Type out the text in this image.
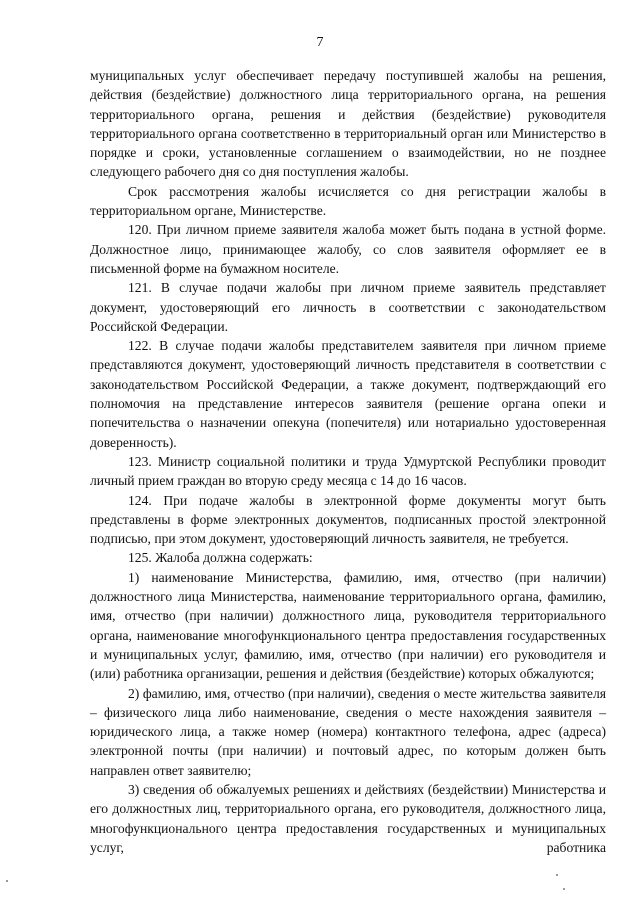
7

муниципальных услуг обеспечивает передачу поступившей жалобы на решения, действия (бездействие) должностного лица территориального органа, на решения территориального органа, решения и действия (бездействие) руководителя территориального органа соответственно в территориальный орган или Министерство в порядке и сроки, установленные соглашением о взаимодействии, но не позднее следующего рабочего дня со дня поступления жалобы.

Срок рассмотрения жалобы исчисляется со дня регистрации жалобы в территориальном органе, Министерстве.

120. При личном приеме заявителя жалоба может быть подана в устной форме. Должностное лицо, принимающее жалобу, со слов заявителя оформляет ее в письменной форме на бумажном носителе.

121. В случае подачи жалобы при личном приеме заявитель представляет документ, удостоверяющий его личность в соответствии с законодательством Российской Федерации.

122. В случае подачи жалобы представителем заявителя при личном приеме представляются документ, удостоверяющий личность представителя в соответствии с законодательством Российской Федерации, а также документ, подтверждающий его полномочия на представление интересов заявителя (решение органа опеки и попечительства о назначении опекуна (попечителя) или нотариально удостоверенная доверенность).

123. Министр социальной политики и труда Удмуртской Республики проводит личный прием граждан во вторую среду месяца с 14 до 16 часов.

124. При подаче жалобы в электронной форме документы могут быть представлены в форме электронных документов, подписанных простой электронной подписью, при этом документ, удостоверяющий личность заявителя, не требуется.

125. Жалоба должна содержать:

1) наименование Министерства, фамилию, имя, отчество (при наличии) должностного лица Министерства, наименование территориального органа, фамилию, имя, отчество (при наличии) должностного лица, руководителя территориального органа, наименование многофункционального центра предоставления государственных и муниципальных услуг, фамилию, имя, отчество (при наличии) его руководителя и (или) работника организации, решения и действия (бездействие) которых обжалуются;

2) фамилию, имя, отчество (при наличии), сведения о месте жительства заявителя – физического лица либо наименование, сведения о месте нахождения заявителя – юридического лица, а также номер (номера) контактного телефона, адрес (адреса) электронной почты (при наличии) и почтовый адрес, по которым должен быть направлен ответ заявителю;

3) сведения об обжалуемых решениях и действиях (бездействии) Министерства и его должностных лиц, территориального органа, его руководителя, должностного лица, многофункционального центра предоставления государственных и муниципальных услуг, работника
